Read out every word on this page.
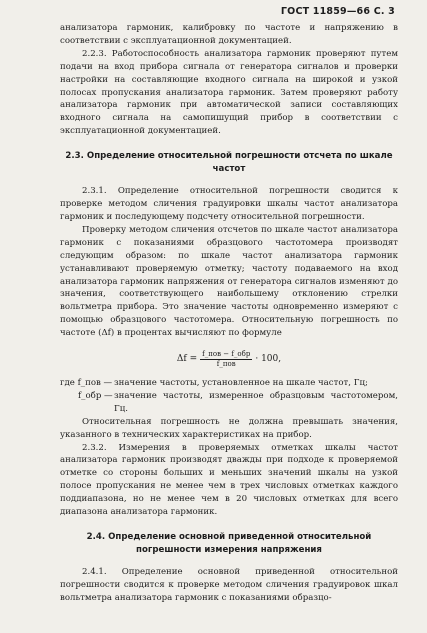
ГОСТ 11859—66 С. 3

анализатора гармоник, калибровку по частоте и напряжению в соответствии с эксплуатационной документацией.

2.2.3. Работоспособность анализатора гармоник проверяют путем подачи на вход прибора сигнала от генератора сигналов и проверки настройки на составляющие входного сигнала на широкой и узкой полосах пропускания анализатора гармоник. Затем проверяют работу анализатора гармоник при автоматической записи составляющих входного сигнала на самопишущий прибор в соответствии с эксплуатационной документацией.

2.3. Определение относительной погрешности отсчета по шкале частот

2.3.1. Определение относительной погрешности сводится к проверке методом сличения градуировки шкалы частот анализатора гармоник и последующему подсчету относительной погрешности.

Проверку методом сличения отсчетов по шкале частот анализатора гармоник с показаниями образцового частотомера производят следующим образом: по шкале частот анализатора гармоник устанавливают проверяемую отметку; частоту подаваемого на вход анализатора гармоник напряжения от генератора сигналов изменяют до значения, соответствующего наибольшему отклонению стрелки вольтметра прибора. Это значение частоты одновременно измеряют с помощью образцового частотомера. Относительную погрешность по частоте (Δf) в процентах вычисляют по формуле

$\Delta f = \frac{\text{f\_пов − f\_обр}}{\text{f\_пов}} \cdot 100$,
где f_пов — значение частоты, установленное на шкале частот, Гц;
f_обр — значение частоты, измеренное образцовым частотомером, Гц.

Относительная погрешность не должна превышать значения, указанного в технических характеристиках на прибор.

2.3.2. Измерения в проверяемых отметках шкалы частот анализатора гармоник производят дважды при подходе к проверяемой отметке со стороны больших и меньших значений шкалы на узкой полосе пропускания не менее чем в трех числовых отметках каждого поддиапазона, но не менее чем в 20 числовых отметках для всего диапазона анализатора гармоник.

2.4. Определение основной приведенной относительной погрешности измерения напряжения

2.4.1. Определение основной приведенной относительной погрешности сводится к проверке методом сличения градуировок шкал вольтметра анализатора гармоник с показаниями образцо-
